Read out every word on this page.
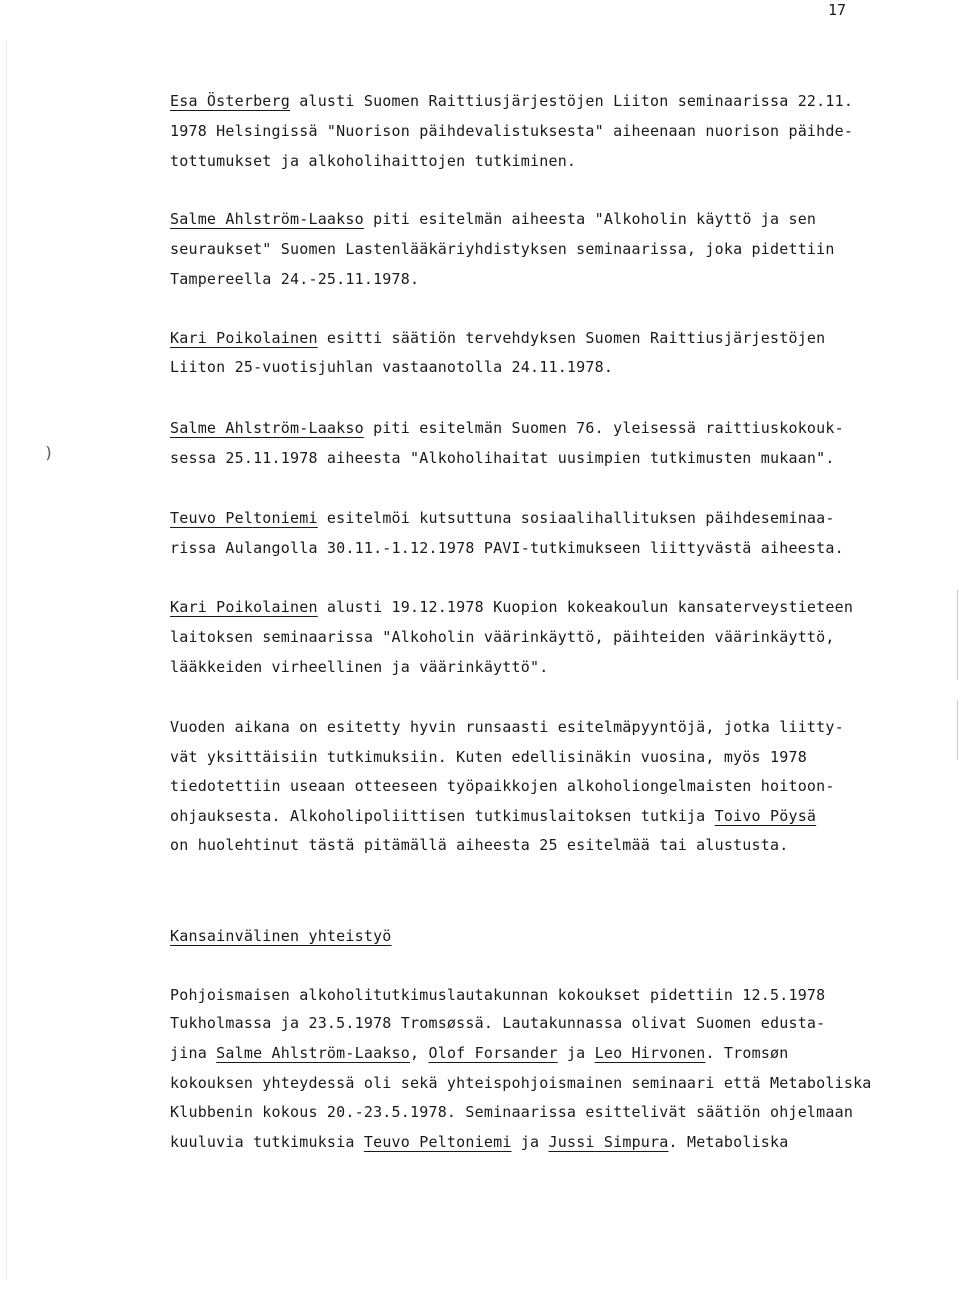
17
)
Esa Österberg alusti Suomen Raittiusjärjestöjen Liiton seminaarissa 22.11.
1978 Helsingissä "Nuorison päihdevalistuksesta" aiheenaan nuorison päihde-
tottumukset ja alkoholihaittojen tutkiminen.
Salme Ahlström-Laakso piti esitelmän aiheesta "Alkoholin käyttö ja sen
seuraukset" Suomen Lastenlääkäriyhdistyksen seminaarissa, joka pidettiin
Tampereella 24.-25.11.1978.
Kari Poikolainen esitti säätiön tervehdyksen Suomen Raittiusjärjestöjen
Liiton 25-vuotisjuhlan vastaanotolla 24.11.1978.
Salme Ahlström-Laakso piti esitelmän Suomen 76. yleisessä raittiuskokouk-
sessa 25.11.1978 aiheesta "Alkoholihaitat uusimpien tutkimusten mukaan".
Teuvo Peltoniemi esitelmöi kutsuttuna sosiaalihallituksen päihdeseminaa-
rissa Aulangolla 30.11.-1.12.1978 PAVI-tutkimukseen liittyvästä aiheesta.
Kari Poikolainen alusti 19.12.1978 Kuopion kokeakoulun kansaterveystieteen
laitoksen seminaarissa "Alkoholin väärinkäyttö, päihteiden väärinkäyttö,
lääkkeiden virheellinen ja väärinkäyttö".
Vuoden aikana on esitetty hyvin runsaasti esitelmäpyyntöjä, jotka liitty-
vät yksittäisiin tutkimuksiin. Kuten edellisinäkin vuosina, myös 1978
tiedotettiin useaan otteeseen työpaikkojen alkoholiongelmaisten hoitoon-
ohjauksesta. Alkoholipoliittisen tutkimuslaitoksen tutkija Toivo Pöysä
on huolehtinut tästä pitämällä aiheesta 25 esitelmää tai alustusta.
Kansainvälinen yhteistyö
Pohjoismaisen alkoholitutkimuslautakunnan kokoukset pidettiin 12.5.1978
Tukholmassa ja 23.5.1978 Tromsøssä. Lautakunnassa olivat Suomen edusta-
jina Salme Ahlström-Laakso, Olof Forsander ja Leo Hirvonen. Tromsøn
kokouksen yhteydessä oli sekä yhteispohjoismainen seminaari että Metaboliska
Klubbenin kokous 20.-23.5.1978. Seminaarissa esittelivät säätiön ohjelmaan
kuuluvia tutkimuksia Teuvo Peltoniemi ja Jussi Simpura. Metaboliska
